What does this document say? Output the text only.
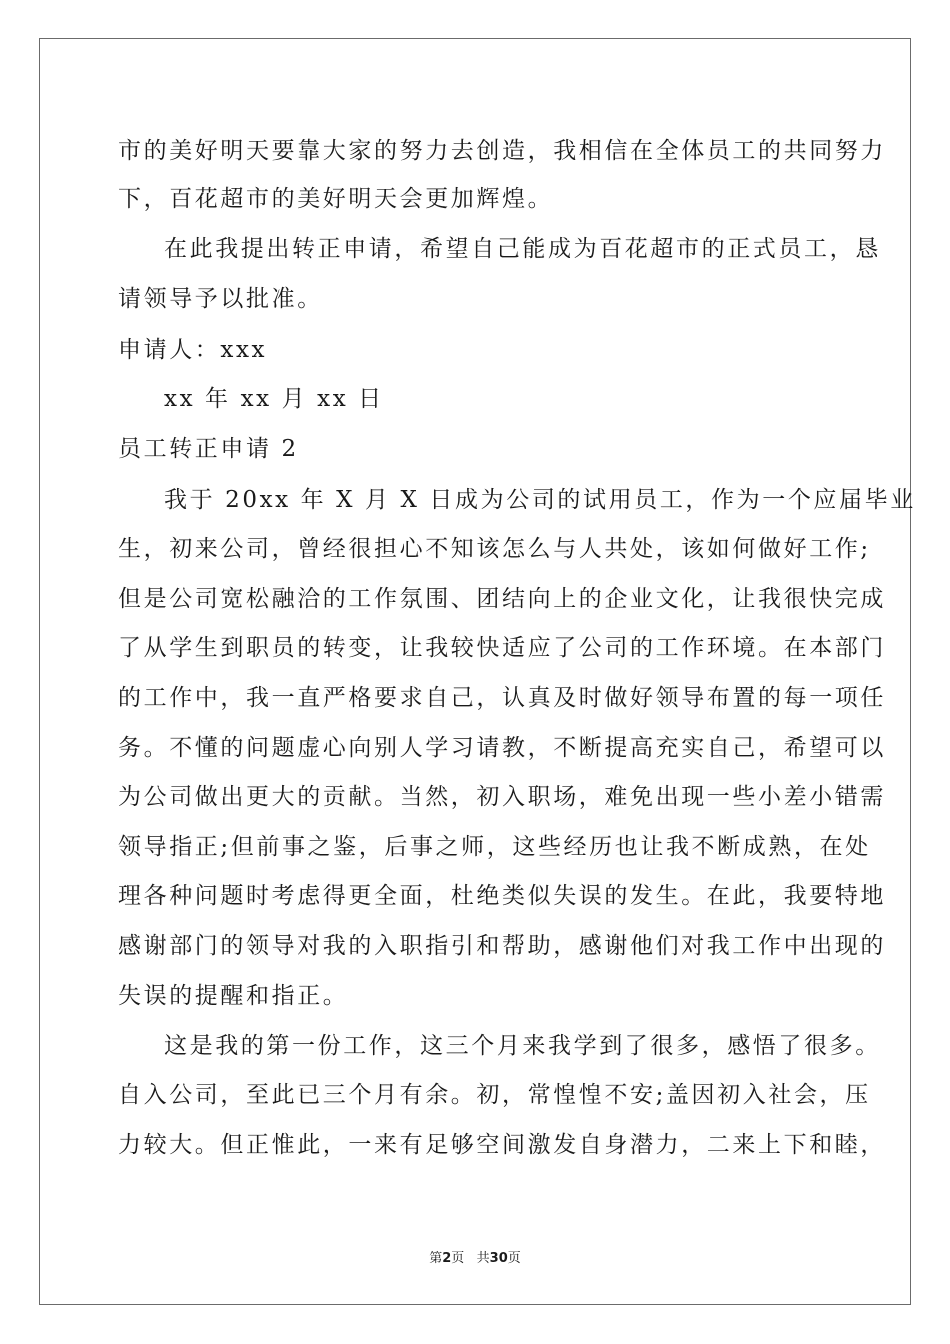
市的美好明天要靠大家的努力去创造，我相信在全体员工的共同努力
下，百花超市的美好明天会更加辉煌。
在此我提出转正申请，希望自己能成为百花超市的正式员工，恳
请领导予以批准。
申请人：xxx
xx 年 xx 月 xx 日
员工转正申请 2
我于 20xx 年 X 月 X 日成为公司的试用员工，作为一个应届毕业
生，初来公司，曾经很担心不知该怎么与人共处，该如何做好工作;
但是公司宽松融洽的工作氛围、团结向上的企业文化，让我很快完成
了从学生到职员的转变，让我较快适应了公司的工作环境。在本部门
的工作中，我一直严格要求自己，认真及时做好领导布置的每一项任
务。不懂的问题虚心向别人学习请教，不断提高充实自己，希望可以
为公司做出更大的贡献。当然，初入职场，难免出现一些小差小错需
领导指正;但前事之鉴，后事之师，这些经历也让我不断成熟，在处
理各种问题时考虑得更全面，杜绝类似失误的发生。在此，我要特地
感谢部门的领导对我的入职指引和帮助，感谢他们对我工作中出现的
失误的提醒和指正。
这是我的第一份工作，这三个月来我学到了很多，感悟了很多。
自入公司，至此已三个月有余。初，常惶惶不安;盖因初入社会，压
力较大。但正惟此，一来有足够空间激发自身潜力，二来上下和睦，
第2页   共30页
